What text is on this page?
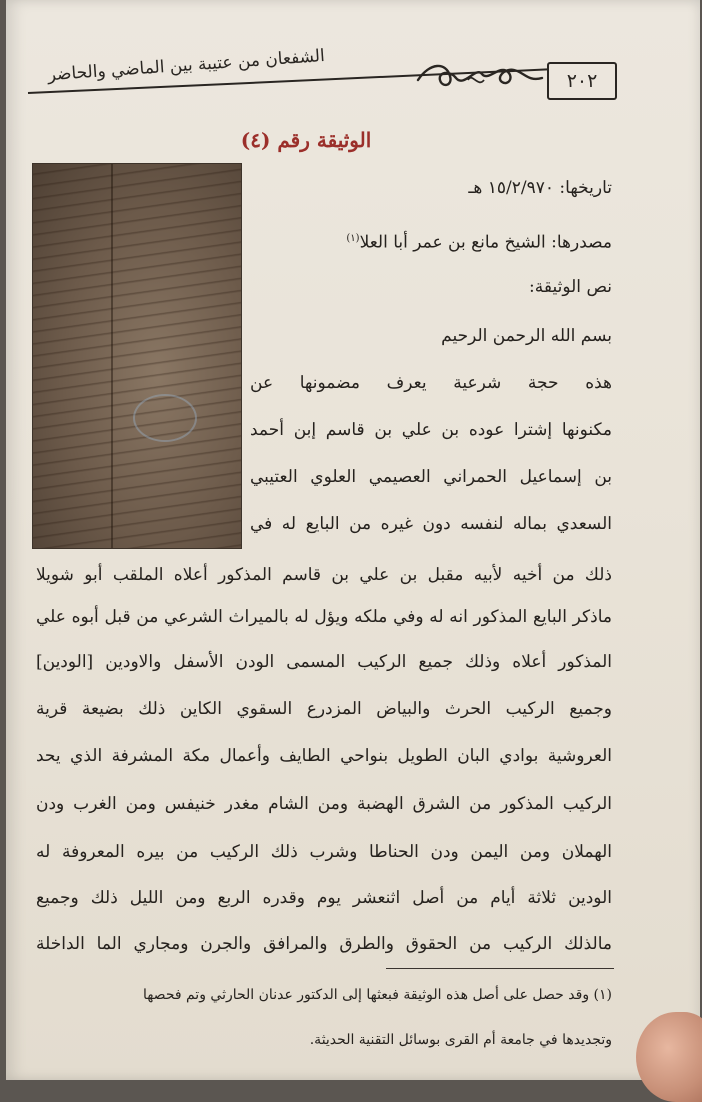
الشفعان من عتيبة بين الماضي والحاضر	٢٠٢
الوثيقة رقم (٤)
تاريخها: ١٥/٢/٩٧٠ هـ
مصدرها: الشيخ مانع بن عمر أبا العلا$^{(١)}$
نص الوثيقة:
بسم الله الرحمن الرحيم
هذه حجة شرعية يعرف مضمونها عن
مكنونها إشترا عوده بن علي بن قاسم إبن أحمد
بن إسماعيل الحمراني العصيمي العلوي العتيبي
السعدي بماله لنفسه دون غيره من البايع له في
ذلك من أخيه لأبيه مقبل بن علي بن قاسم المذكور أعلاه الملقب أبو شويلا
ماذكر البايع المذكور انه له وفي ملكه ويؤل له بالميراث الشرعي من قبل أبوه علي
المذكور أعلاه وذلك جميع الركيب المسمى الودن الأسفل والاودين [الودين]
وجميع الركيب الحرث والبياض المزدرع السقوي الكاين ذلك بضيعة قرية
العروشية بوادي البان الطويل بنواحي الطايف وأعمال مكة المشرفة الذي يحد
الركيب المذكور من الشرق الهضبة ومن الشام مغدر خنيفس ومن الغرب ودن
الهملان ومن اليمن ودن الحناطا وشرب ذلك الركيب من بيره المعروفة له
الودين ثلاثة أيام من أصل اثنعشر يوم وقدره الربع ومن الليل ذلك وجميع
مالذلك الركيب من الحقوق والطرق والمرافق والجرن ومجاري الما الداخلة
(١) وقد حصل على أصل هذه الوثيقة فبعثها إلى الدكتور عدنان الحارثي وتم فحصها
وتجديدها في جامعة أم القرى بوسائل التقنية الحديثة.
